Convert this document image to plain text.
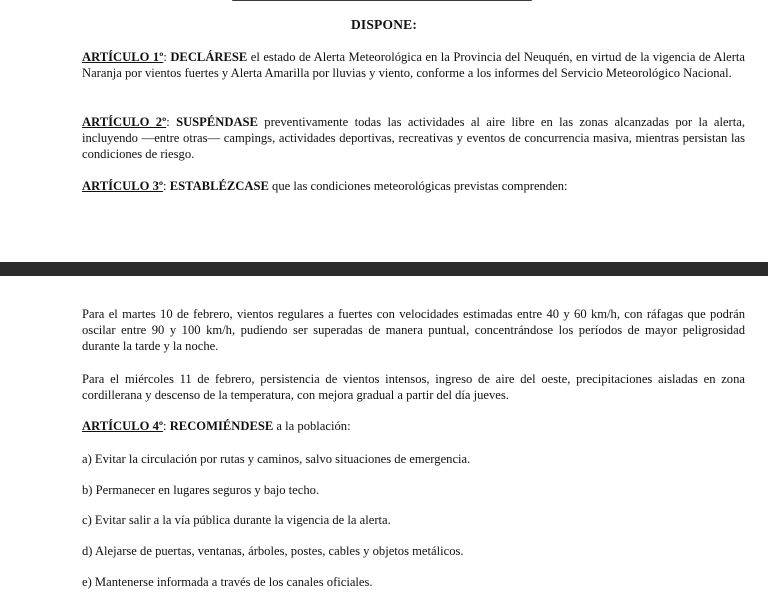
DISPONE:
ARTÍCULO 1º: DECLÁRESE el estado de Alerta Meteorológica en la Provincia del Neuquén, en virtud de la vigencia de Alerta Naranja por vientos fuertes y Alerta Amarilla por lluvias y viento, conforme a los informes del Servicio Meteorológico Nacional.
ARTÍCULO 2º: SUSPÉNDASE preventivamente todas las actividades al aire libre en las zonas alcanzadas por la alerta, incluyendo —entre otras— campings, actividades deportivas, recreativas y eventos de concurrencia masiva, mientras persistan las condiciones de riesgo.
ARTÍCULO 3º: ESTABLÉZCASE que las condiciones meteorológicas previstas comprenden:
Para el martes 10 de febrero, vientos regulares a fuertes con velocidades estimadas entre 40 y 60 km/h, con ráfagas que podrán oscilar entre 90 y 100 km/h, pudiendo ser superadas de manera puntual, concentrándose los períodos de mayor peligrosidad durante la tarde y la noche.
Para el miércoles 11 de febrero, persistencia de vientos intensos, ingreso de aire del oeste, precipitaciones aisladas en zona cordillerana y descenso de la temperatura, con mejora gradual a partir del día jueves.
ARTÍCULO 4º: RECOMIÉNDESE a la población:
a) Evitar la circulación por rutas y caminos, salvo situaciones de emergencia.
b) Permanecer en lugares seguros y bajo techo.
c) Evitar salir a la vía pública durante la vigencia de la alerta.
d) Alejarse de puertas, ventanas, árboles, postes, cables y objetos metálicos.
e) Mantenerse informada a través de los canales oficiales.
